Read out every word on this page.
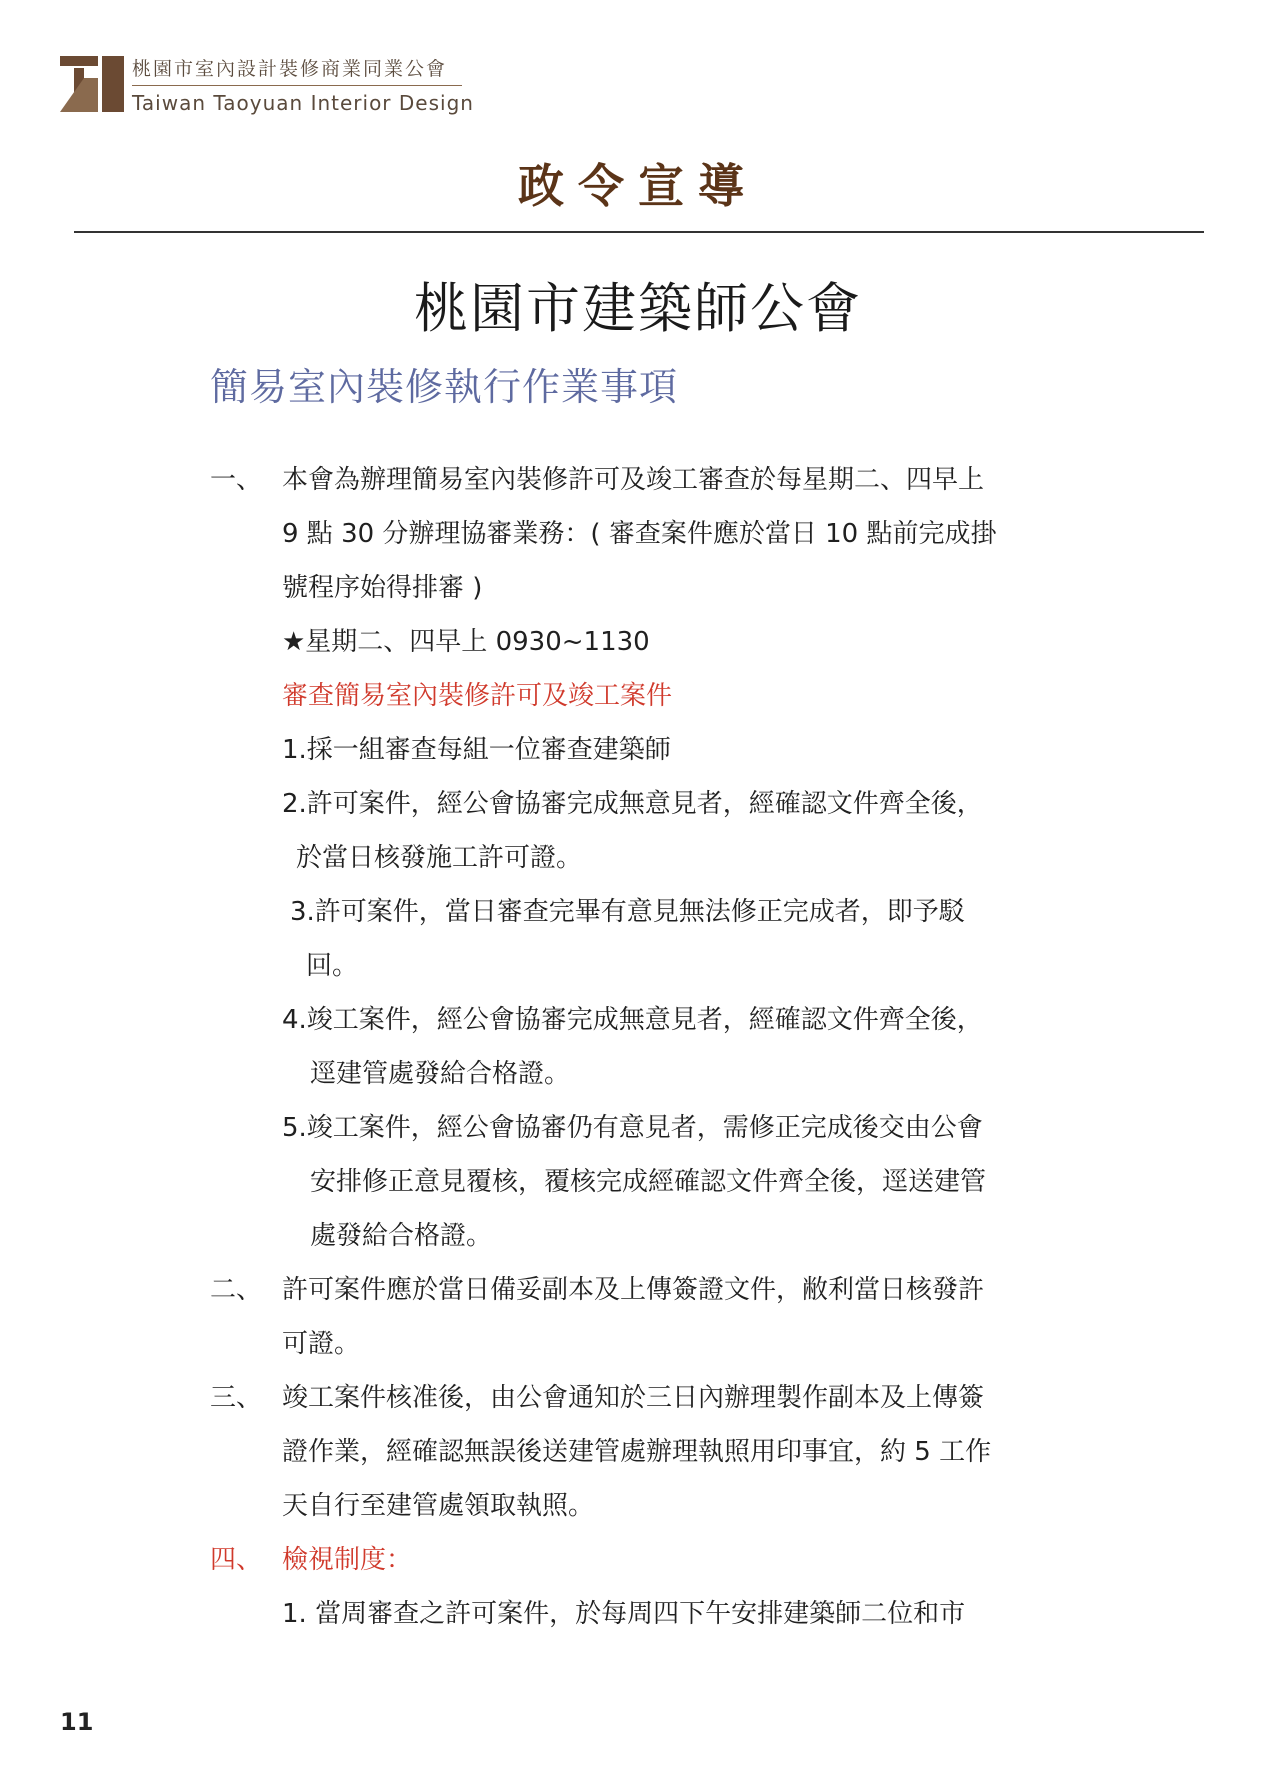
桃園市室內設計裝修商業同業公會
Taiwan Taoyuan Interior Design
政令宣導
桃園市建築師公會
簡易室內裝修執行作業事項
一、 本會為辦理簡易室內裝修許可及竣工審查於每星期二、四早上
9 點 30 分辦理協審業務：( 審查案件應於當日 10 點前完成掛
號程序始得排審 )
★星期二、四早上 0930~1130
審查簡易室內裝修許可及竣工案件
1.採一組審查每組一位審查建築師
2.許可案件，經公會協審完成無意見者，經確認文件齊全後，
於當日核發施工許可證。
3.許可案件，當日審查完畢有意見無法修正完成者，即予駁
回。
4.竣工案件，經公會協審完成無意見者，經確認文件齊全後，
逕建管處發給合格證。
5.竣工案件，經公會協審仍有意見者，需修正完成後交由公會
安排修正意見覆核，覆核完成經確認文件齊全後，逕送建管
處發給合格證。
二、 許可案件應於當日備妥副本及上傳簽證文件，敝利當日核發許
可證。
三、 竣工案件核准後，由公會通知於三日內辦理製作副本及上傳簽
證作業，經確認無誤後送建管處辦理執照用印事宜，約 5 工作
天自行至建管處領取執照。
四、 檢視制度：
1. 當周審查之許可案件，於每周四下午安排建築師二位和市
11
